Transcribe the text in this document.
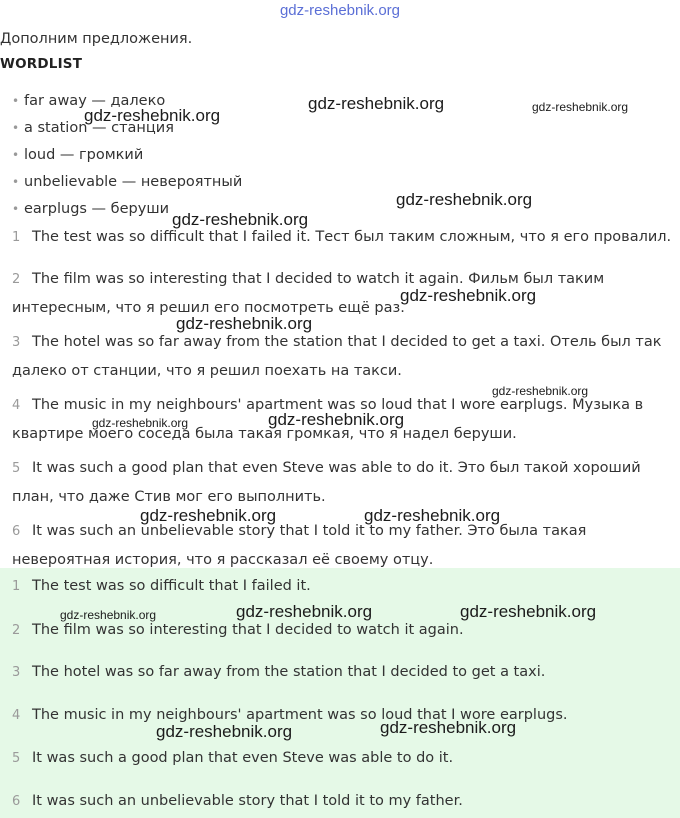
gdz-reshebnik.org
Дополним предложения.
WORDLIST
• far away — далеко
• a station — станция
• loud — громкий
• unbelievable — невероятный
• earplugs — беруши
1 The test was so difficult that I failed it. Тест был таким сложным, что я его провалил.
2 The film was so interesting that I decided to watch it again. Фильм был таким интересным, что я решил его посмотреть ещё раз.
3 The hotel was so far away from the station that I decided to get a taxi. Отель был так далеко от станции, что я решил поехать на такси.
4 The music in my neighbours' apartment was so loud that I wore earplugs. Музыка в квартире моего соседа была такая громкая, что я надел беруши.
5 It was such a good plan that even Steve was able to do it. Это был такой хороший план, что даже Стив мог его выполнить.
6 It was such an unbelievable story that I told it to my father. Это была такая невероятная история, что я рассказал её своему отцу.
1 The test was so difficult that I failed it.
2 The film was so interesting that I decided to watch it again.
3 The hotel was so far away from the station that I decided to get a taxi.
4 The music in my neighbours' apartment was so loud that I wore earplugs.
5 It was such a good plan that even Steve was able to do it.
6 It was such an unbelievable story that I told it to my father.
gdz-reshebnik.org	gdz-reshebnik.org
gdz-reshebnik.org
gdz-reshebnik.org
gdz-reshebnik.org
gdz-reshebnik.org
gdz-reshebnik.org
gdz-reshebnik.org
gdz-reshebnik.org
gdz-reshebnik.org
gdz-reshebnik.org	gdz-reshebnik.org
gdz-reshebnik.org	gdz-reshebnik.org	gdz-reshebnik.org
gdz-reshebnik.org
gdz-reshebnik.org
